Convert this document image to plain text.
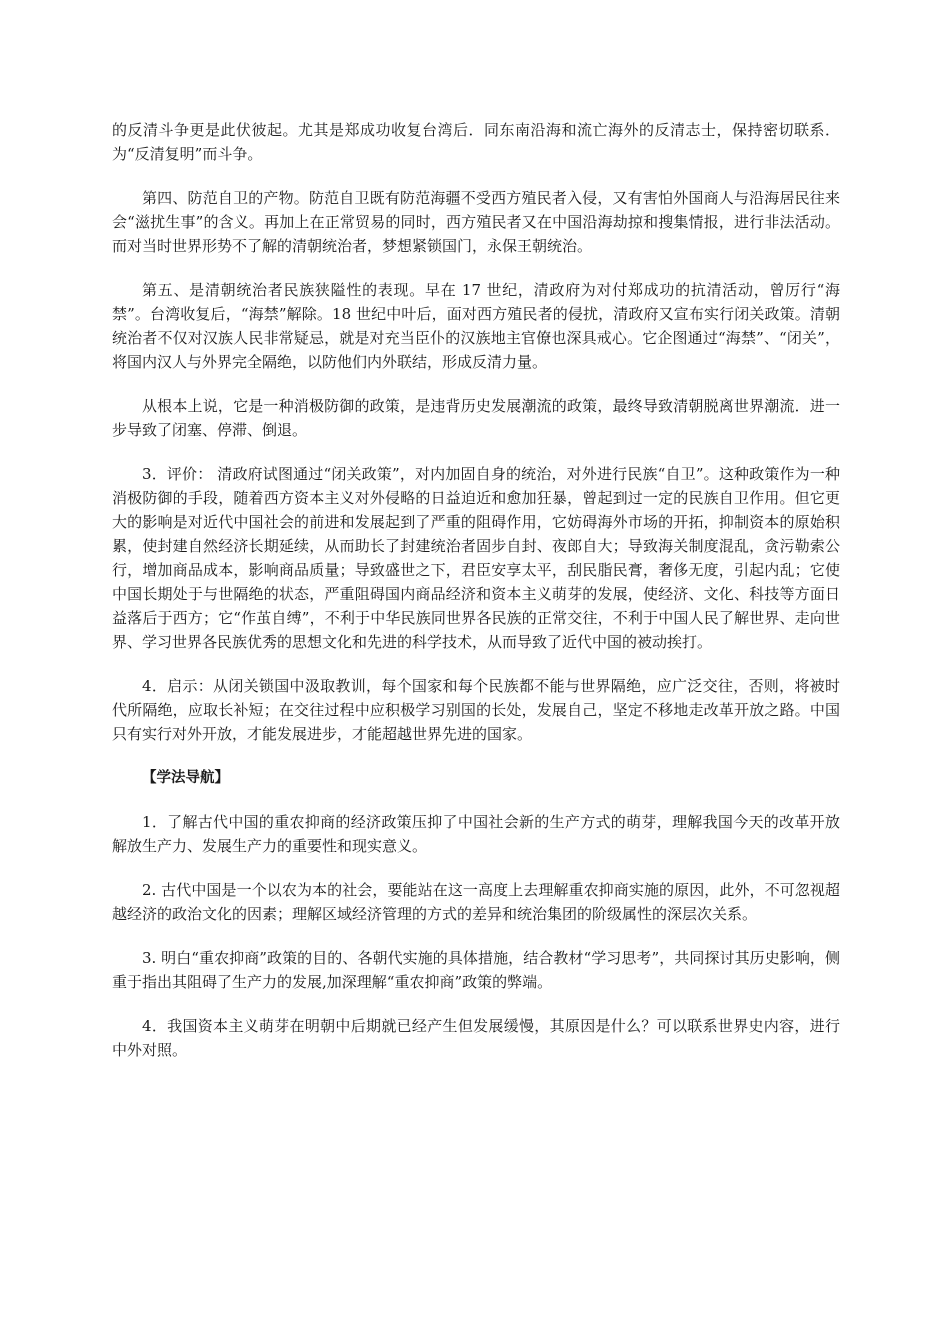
的反清斗争更是此伏彼起。尤其是郑成功收复台湾后．同东南沿海和流亡海外的反清志士，保持密切联系．为“反清复明”而斗争。

第四、防范自卫的产物。防范自卫既有防范海疆不受西方殖民者入侵，又有害怕外国商人与沿海居民往来会“滋扰生事”的含义。再加上在正常贸易的同时，西方殖民者又在中国沿海劫掠和搜集情报，进行非法活动。而对当时世界形势不了解的清朝统治者，梦想紧锁国门，永保王朝统治。

第五、是清朝统治者民族狭隘性的表现。早在 17 世纪，清政府为对付郑成功的抗清活动，曾厉行“海禁”。台湾收复后，“海禁”解除。18 世纪中叶后，面对西方殖民者的侵扰，清政府又宣布实行闭关政策。清朝统治者不仅对汉族人民非常疑忌，就是对充当臣仆的汉族地主官僚也深具戒心。它企图通过“海禁”、“闭关”，将国内汉人与外界完全隔绝，以防他们内外联结，形成反清力量。

从根本上说，它是一种消极防御的政策，是违背历史发展潮流的政策，最终导致清朝脱离世界潮流．进一步导致了闭塞、停滞、倒退。

3．评价： 清政府试图通过“闭关政策”，对内加固自身的统治，对外进行民族“自卫”。这种政策作为一种消极防御的手段，随着西方资本主义对外侵略的日益迫近和愈加狂暴，曾起到过一定的民族自卫作用。但它更大的影响是对近代中国社会的前进和发展起到了严重的阻碍作用，它妨碍海外市场的开拓，抑制资本的原始积累，使封建自然经济长期延续，从而助长了封建统治者固步自封、夜郎自大；导致海关制度混乱，贪污勒索公行，增加商品成本，影响商品质量；导致盛世之下，君臣安享太平，刮民脂民膏，奢侈无度，引起内乱；它使中国长期处于与世隔绝的状态，严重阻碍国内商品经济和资本主义萌芽的发展，使经济、文化、科技等方面日益落后于西方；它“作茧自缚”，不利于中华民族同世界各民族的正常交往，不利于中国人民了解世界、走向世界、学习世界各民族优秀的思想文化和先进的科学技术，从而导致了近代中国的被动挨打。

4．启示：从闭关锁国中汲取教训，每个国家和每个民族都不能与世界隔绝，应广泛交往，否则，将被时代所隔绝，应取长补短；在交往过程中应积极学习别国的长处，发展自己，坚定不移地走改革开放之路。中国只有实行对外开放，才能发展进步，才能超越世界先进的国家。

【学法导航】

1．了解古代中国的重农抑商的经济政策压抑了中国社会新的生产方式的萌芽，理解我国今天的改革开放解放生产力、发展生产力的重要性和现实意义。

2. 古代中国是一个以农为本的社会，要能站在这一高度上去理解重农抑商实施的原因，此外，不可忽视超越经济的政治文化的因素；理解区域经济管理的方式的差异和统治集团的阶级属性的深层次关系。

3. 明白“重农抑商”政策的目的、各朝代实施的具体措施，结合教材“学习思考”，共同探讨其历史影响，侧重于指出其阻碍了生产力的发展,加深理解“重农抑商”政策的弊端。

4．我国资本主义萌芽在明朝中后期就已经产生但发展缓慢，其原因是什么？可以联系世界史内容，进行中外对照。
